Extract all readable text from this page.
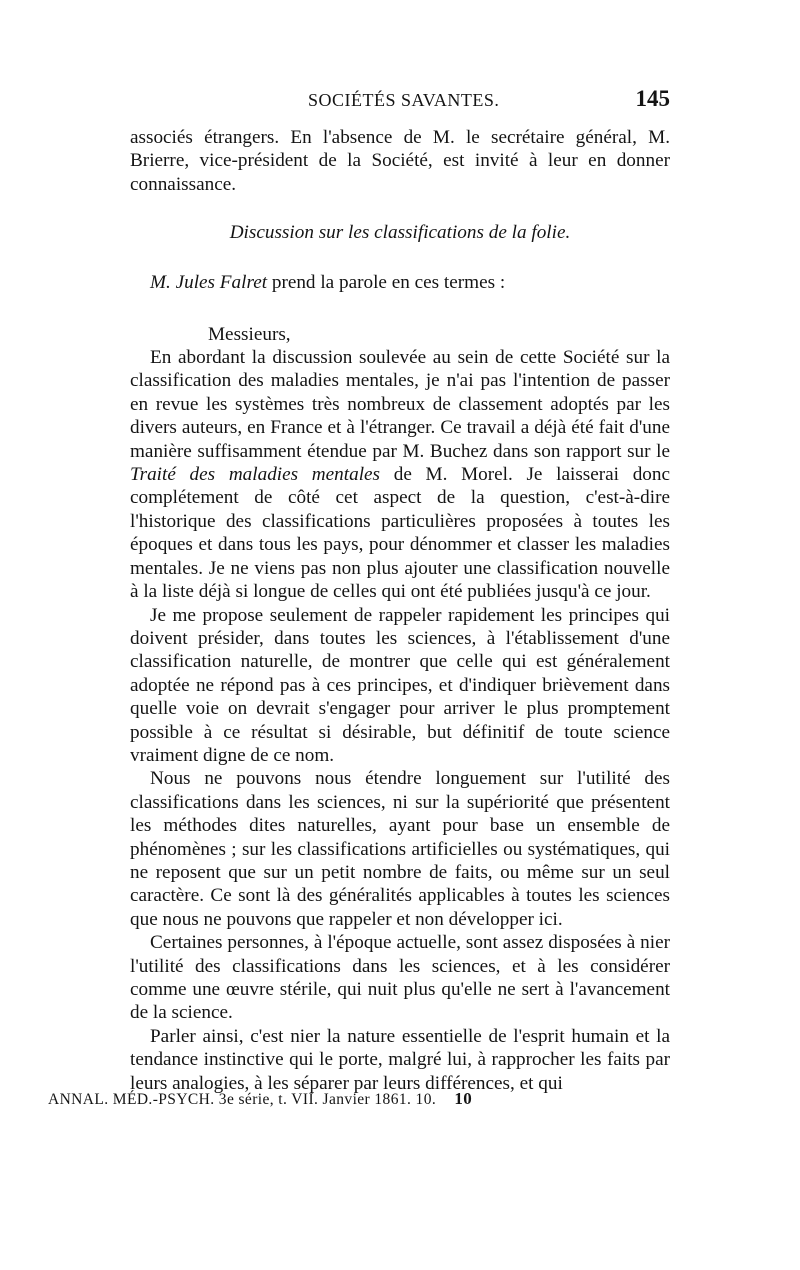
SOCIÉTÉS SAVANTES.	145

associés étrangers. En l'absence de M. le secrétaire général, M. Brierre, vice-président de la Société, est invité à leur en donner connaissance.

Discussion sur les classifications de la folie.

M. Jules Falret prend la parole en ces termes :

Messieurs,

En abordant la discussion soulevée au sein de cette Société sur la classification des maladies mentales, je n'ai pas l'intention de passer en revue les systèmes très nombreux de classement adoptés par les divers auteurs, en France et à l'étranger. Ce travail a déjà été fait d'une manière suffisamment étendue par M. Buchez dans son rapport sur le Traité des maladies mentales de M. Morel. Je laisserai donc complétement de côté cet aspect de la question, c'est-à-dire l'historique des classifications particulières proposées à toutes les époques et dans tous les pays, pour dénommer et classer les maladies mentales. Je ne viens pas non plus ajouter une classification nouvelle à la liste déjà si longue de celles qui ont été publiées jusqu'à ce jour.

Je me propose seulement de rappeler rapidement les principes qui doivent présider, dans toutes les sciences, à l'établissement d'une classification naturelle, de montrer que celle qui est généralement adoptée ne répond pas à ces principes, et d'indiquer brièvement dans quelle voie on devrait s'engager pour arriver le plus promptement possible à ce résultat si désirable, but définitif de toute science vraiment digne de ce nom.

Nous ne pouvons nous étendre longuement sur l'utilité des classifications dans les sciences, ni sur la supériorité que présentent les méthodes dites naturelles, ayant pour base un ensemble de phénomènes ; sur les classifications artificielles ou systématiques, qui ne reposent que sur un petit nombre de faits, ou même sur un seul caractère. Ce sont là des généralités applicables à toutes les sciences que nous ne pouvons que rappeler et non développer ici.

Certaines personnes, à l'époque actuelle, sont assez disposées à nier l'utilité des classifications dans les sciences, et à les considérer comme une œuvre stérile, qui nuit plus qu'elle ne sert à l'avancement de la science.

Parler ainsi, c'est nier la nature essentielle de l'esprit humain et la tendance instinctive qui le porte, malgré lui, à rapprocher les faits par leurs analogies, à les séparer par leurs différences, et qui

ANNAL. MÉD.-PSYCH. 3e série, t. VII. Janvier 1861. 10. 10
